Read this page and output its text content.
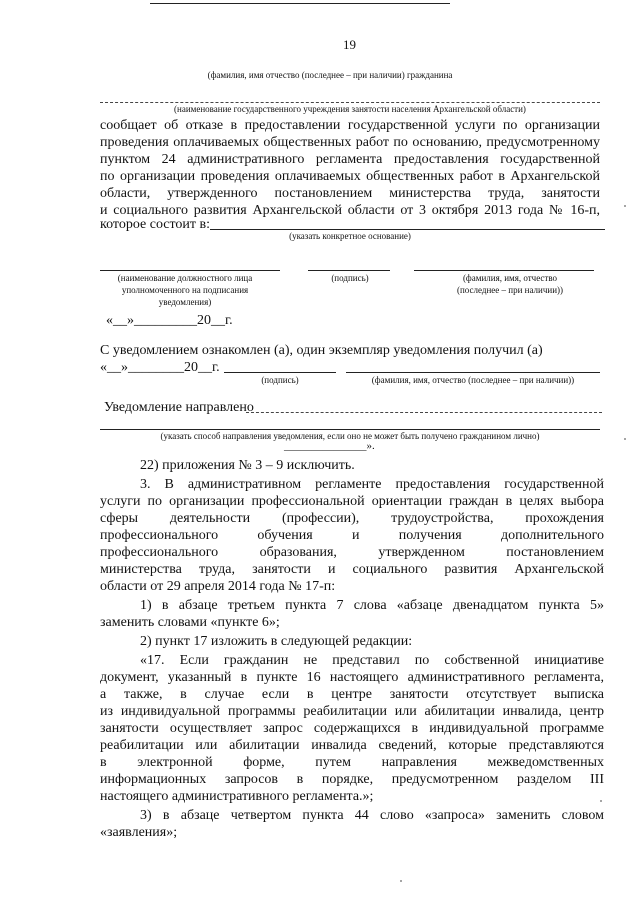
19
(фамилия, имя отчество (последнее – при наличии) гражданина
(наименование государственного учреждения занятости населения Архангельской области)
сообщает об отказе в предоставлении государственной услуги по организации
проведения оплачиваемых общественных работ по основанию, предусмотренному
пунктом 24 административного регламента предоставления государственной
по организации проведения оплачиваемых общественных работ в Архангельской
области, утвержденного постановлением министерства труда, занятости
и социального развития Архангельской области от 3 октября 2013 года № 16-п,
которое состоит в:
(указать конкретное основание)
(наименование должностного лица
уполномоченного на подписания
уведомления)
(подпись)	(фамилия, имя, отчество
(последнее – при наличии))
«__»_________20__г.
С уведомлением ознакомлен (а), один экземпляр уведомления получил (а)
«__»________20__г.
(подпись)	(фамилия, имя, отчество (последнее – при наличии))
Уведомление направлено
(указать способ направления уведомления, если оно не может быть получено гражданином лично)
_______________».
22) приложения № 3 – 9 исключить.
3. В административном регламенте предоставления государственной
услуги по организации профессиональной ориентации граждан в целях выбора
сферы деятельности (профессии), трудоустройства, прохождения
профессионального обучения и получения дополнительного
профессионального образования, утвержденном постановлением
министерства труда, занятости и социального развития Архангельской
области от 29 апреля 2014 года № 17-п:
1) в абзаце третьем пункта 7 слова «абзаце двенадцатом пункта 5»
заменить словами «пункте 6»;
2) пункт 17 изложить в следующей редакции:
«17. Если гражданин не представил по собственной инициативе
документ, указанный в пункте 16 настоящего административного регламента,
а также, в случае если в центре занятости отсутствует выписка
из индивидуальной программы реабилитации или абилитации инвалида, центр
занятости осуществляет запрос содержащихся в индивидуальной программе
реабилитации или абилитации инвалида сведений, которые представляются
в электронной форме, путем направления межведомственных
информационных запросов в порядке, предусмотренном разделом III
настоящего административного регламента.»;
3) в абзаце четвертом пункта 44 слово «запроса» заменить словом
«заявления»;
